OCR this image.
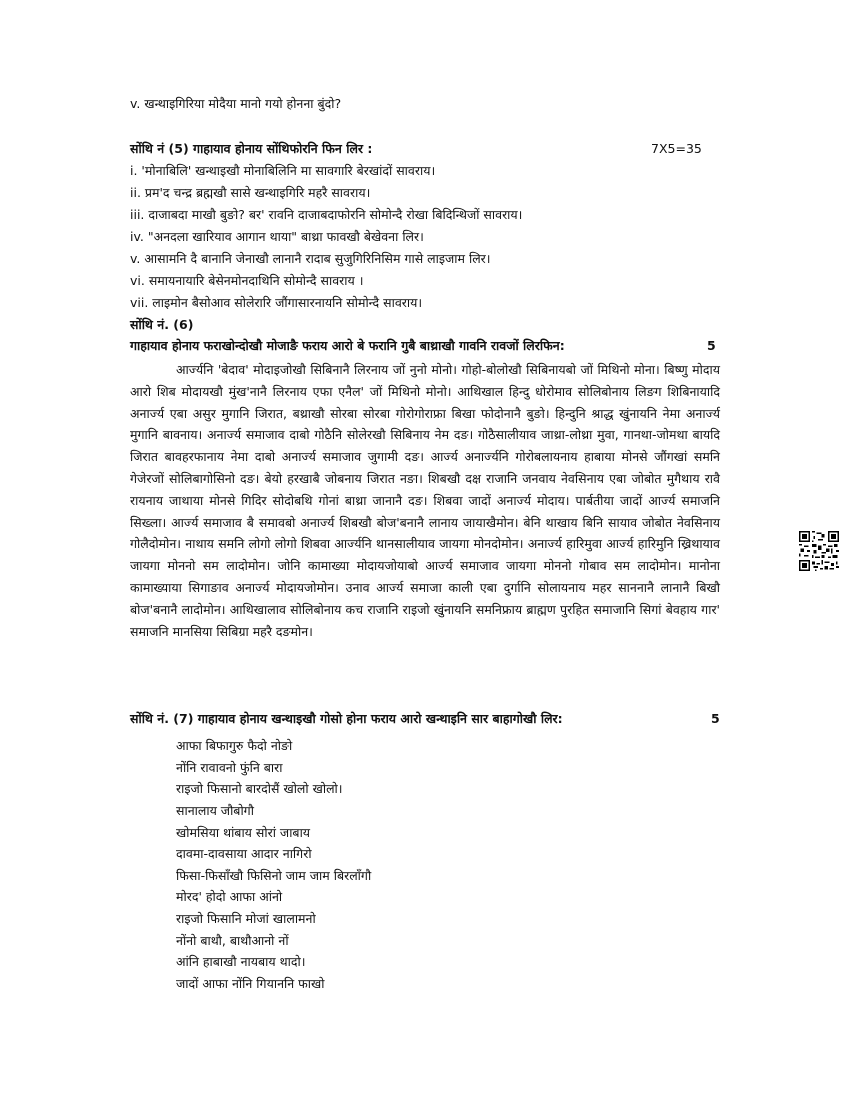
v. खन्थाइगिरिया मोदैया मानो गयो होनना बुंदो?
सोंथि नं (5) गाहायाव होनाय सोंथिफोरनि फिन लिर :	7X5=35
i. 'मोनाबिलि' खन्थाइखौ मोनाबिलिनि मा सावगारि बेरखांदों सावराय।
ii. प्रम'द चन्द्र ब्रह्मखौ सासे खन्थाइगिरि महरै सावराय।
iii. दाजाबदा माखौ बुङो? बर' रावनि दाजाबदाफोरनि सोमोन्दै रोखा बिदिन्थिजों सावराय।
iv. "अनदला खारियाव आगान थाया" बाथ्रा फावखौ बेखेवना लिर।
v. आसामनि दै बानानि जेनाखौ लानानै रादाब सुजुगिरिनिसिम गासे लाइजाम लिर।
vi. समायनायारि बेसेनमोनदाथिनि सोमोन्दै सावराय ।
vii. लाइमोन बैसोआव सोलेरारि जौंगासारनायनि सोमोन्दै सावराय।
सोंथि नं. (6)
गाहायाव होनाय फराखोन्दोखौ मोजाङै फराय आरो बे फरानि गुबै बाथ्राखौ गावनि रावजों लिरफिन:	5

आर्ज्यनि 'बेदाव' मोदाइजोखौ सिबिनानै लिरनाय जों नुनो मोनो। गोहो-बोलोखौ सिबिनायबो जों मिथिनो मोना। बिष्णु मोदाय आरो शिब मोदायखौ मुंख'नानै लिरनाय एफा एनैल' जों मिथिनो मोनो। आथिखाल हिन्दु धोरोमाव सोलिबोनाय लिङग शिबिनायादि अनार्ज्य एबा असुर मुगानि जिरात, बथ्राखौ सोरबा सोरबा गोरोगोराफ्रा बिखा फोदोनानै बुङो। हिन्दुनि श्राद्ध खुंनायनि नेमा अनार्ज्य मुगानि बावनाय। अनार्ज्य समाजाव दाबो गोठैनि सोलेरखौ सिबिनाय नेम दङ। गोठैसालीयाव जाथ्रा-लोथ्रा मुवा, गानथा-जोमथा बायदि जिरात बावहरफानाय नेमा दाबो अनार्ज्य समाजाव जुगामी दङ। आर्ज्य अनार्ज्यनि गोरोबलायनाय हाबाया मोनसे जौंगखां समनि गेजेरजों सोलिबागोसिनो दङ। बेयो हरखाबै जोबनाय जिरात नङा। शिबखौ दक्ष राजानि जनवाय नेवसिनाय एबा जोबोत मुगैथाय रावै रायनाय जाथाया मोनसे गिदिर सोदोबथि गोनां बाथ्रा जानानै दङ। शिबवा जादों अनार्ज्य मोदाय। पार्बतीया जादों आर्ज्य समाजनि सिख्ला। आर्ज्य समाजाव बै समावबो अनार्ज्य शिबखौ बोज'बनानै लानाय जायाखैमोन। बेनि थाखाय बिनि सायाव जोबोत नेवसिनाय गोलैदोमोन। नाथाय समनि लोगो लोगो शिबवा आर्ज्यनि थानसालीयाव जायगा मोनदोमोन। अनार्ज्य हारिमुवा आर्ज्य हारिमुनि ख्रिथायाव जायगा मोननो सम लादोमोन। जोनि कामाख्या मोदायजोयाबो आर्ज्य समाजाव जायगा मोननो गोबाव सम लादोमोन। मानोना कामाख्याया सिगाङाव अनार्ज्य मोदायजोमोन। उनाव आर्ज्य समाजा काली एबा दुर्गानि सोलायनाय महर साननानै लानानै बिखौ बोज'बनानै लादोमोन। आथिखालाव सोलिबोनाय कच राजानि राइजो खुंनायनि समनिफ्राय ब्राह्मण पुरहित समाजानि सिगां बेवहाय गार' समाजनि मानसिया सिबिग्रा महरै दङमोन।

सोंथि नं. (7) गाहायाव होनाय खन्थाइखौ गोसो होना फराय आरो खन्थाइनि सार बाहागोखौ लिर:	5
आफा बिफागुरु फैदो नोङो
नोंनि रावावनो फुंनि बारा
राइजो फिसानो बारदोसैं खोलो खोलो।
सानालाय जौबोगौ
खोमसिया थांबाय सोरां जाबाय
दावमा-दावसाया आदार नागिरो
फिसा-फिसाँखौ फिसिनो जाम जाम बिरलाँगौ
मोरद' होदो आफा आंनो
राइजो फिसानि मोजां खालामनो
नोंनो बाथौ, बाथौआनो नों
आंनि हाबाखौ नायबाय थादो।
जादों आफा नोंनि गियाननि फाखो
